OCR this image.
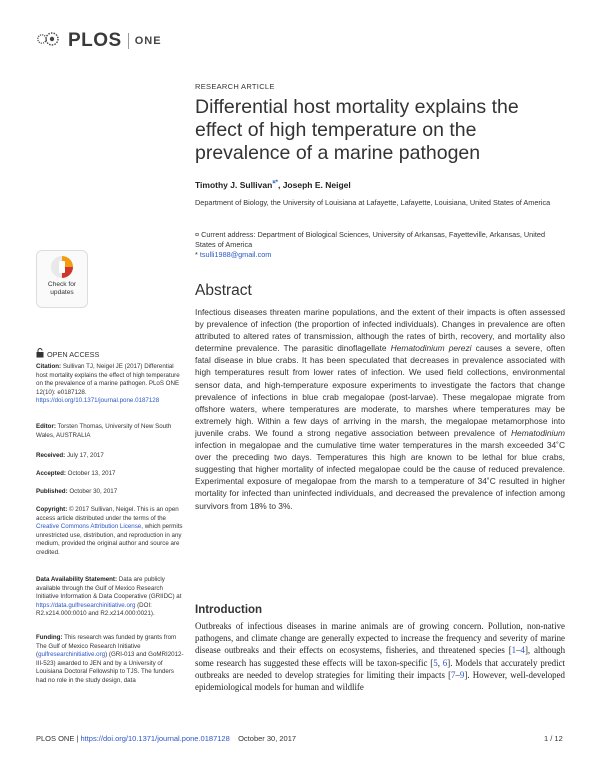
PLOS ONE
RESEARCH ARTICLE
Differential host mortality explains the effect of high temperature on the prevalence of a marine pathogen
Timothy J. Sullivan¤*, Joseph E. Neigel
Department of Biology, the University of Louisiana at Lafayette, Lafayette, Louisiana, United States of America
¤ Current address: Department of Biological Sciences, University of Arkansas, Fayetteville, Arkansas, United States of America
* tsulli1988@gmail.com
Abstract
Infectious diseases threaten marine populations, and the extent of their impacts is often assessed by prevalence of infection (the proportion of infected individuals). Changes in prevalence are often attributed to altered rates of transmission, although the rates of birth, recovery, and mortality also determine prevalence. The parasitic dinoflagellate Hematodinium perezi causes a severe, often fatal disease in blue crabs. It has been speculated that decreases in prevalence associated with high temperatures result from lower rates of infection. We used field collections, environmental sensor data, and high-temperature exposure experiments to investigate the factors that change prevalence of infections in blue crab megalopae (post-larvae). These megalopae migrate from offshore waters, where temperatures are moderate, to marshes where temperatures may be extremely high. Within a few days of arriving in the marsh, the megalopae metamorphose into juvenile crabs. We found a strong negative association between prevalence of Hematodinium infection in megalopae and the cumulative time water temperatures in the marsh exceeded 34˚C over the preceding two days. Temperatures this high are known to be lethal for blue crabs, suggesting that higher mortality of infected megalopae could be the cause of reduced prevalence. Experimental exposure of megalopae from the marsh to a temperature of 34˚C resulted in higher mortality for infected than uninfected individuals, and decreased the prevalence of infection among survivors from 18% to 3%.
Introduction
Outbreaks of infectious diseases in marine animals are of growing concern. Pollution, non-native pathogens, and climate change are generally expected to increase the frequency and severity of marine disease outbreaks and their effects on ecosystems, fisheries, and threatened species [1–4], although some research has suggested these effects will be taxon-specific [5, 6]. Models that accurately predict outbreaks are needed to develop strategies for limiting their impacts [7–9]. However, well-developed epidemiological models for human and wildlife
Check for updates
OPEN ACCESS
Citation: Sullivan TJ, Neigel JE (2017) Differential host mortality explains the effect of high temperature on the prevalence of a marine pathogen. PLoS ONE 12(10): e0187128. https://doi.org/10.1371/journal.pone.0187128
Editor: Torsten Thomas, University of New South Wales, AUSTRALIA
Received: July 17, 2017
Accepted: October 13, 2017
Published: October 30, 2017
Copyright: © 2017 Sullivan, Neigel. This is an open access article distributed under the terms of the Creative Commons Attribution License, which permits unrestricted use, distribution, and reproduction in any medium, provided the original author and source are credited.
Data Availability Statement: Data are publicly available through the Gulf of Mexico Research Initiative Information & Data Cooperative (GRIIDC) at https://data.gulfresearchinitiative.org (DOI: R2.x214.000:0010 and R2.x214.000:0021).
Funding: This research was funded by grants from The Gulf of Mexico Research Initiative (gulfresearchinitiative.org) (GRI-013 and GoMRI2012-III-523) awarded to JEN and by a University of Louisiana Doctoral Fellowship to TJS. The funders had no role in the study design, data
PLOS ONE | https://doi.org/10.1371/journal.pone.0187128    October 30, 2017	1 / 12
